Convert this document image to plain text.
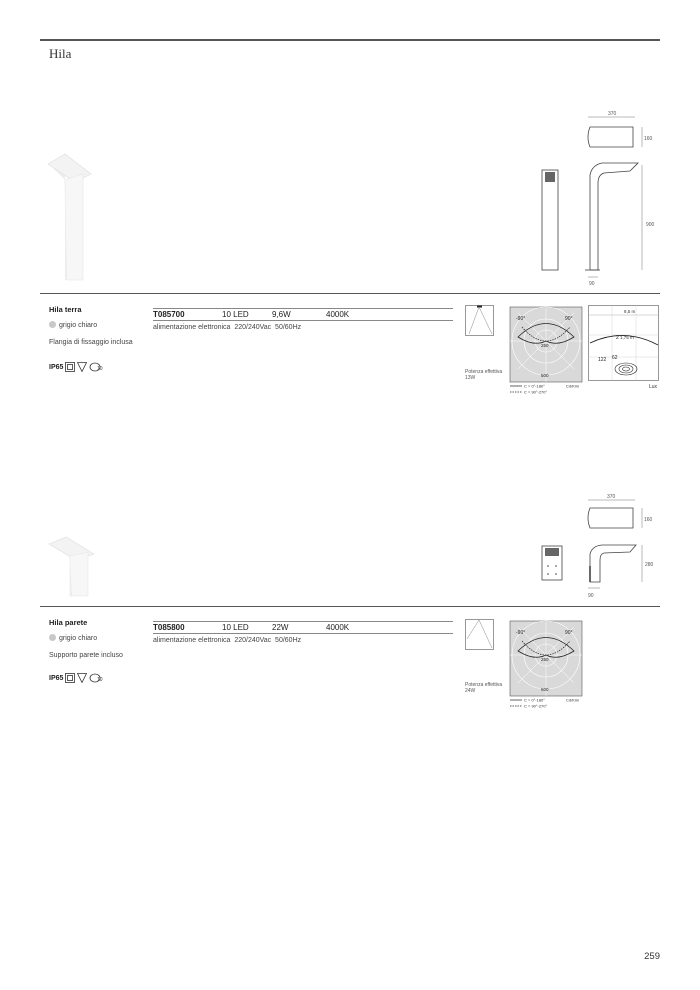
Hila
370
160
900
90
Hila terra
grigio chiaro
Flangia di fissaggio inclusa
IP65	10
T085700	10 LED	9,6W	4000K
alimentazione elettronica  220/240Vac  50/60Hz
Potenza effettiva
13W
-90°	90°
250
500
C = 0°-180°	Cd/Klm
C = 90°-270°
8,5 m
2 1,75 m
122 62
Lux
370
160
280
90
Hila parete
grigio chiaro
Supporto parete incluso
IP65	10
T085800	10 LED	22W	4000K
alimentazione elettronica  220/240Vac  50/60Hz
Potenza effettiva
24W
-90°	90°
250
500
C = 0°-180°	Cd/Klm
C = 90°-270°
259
